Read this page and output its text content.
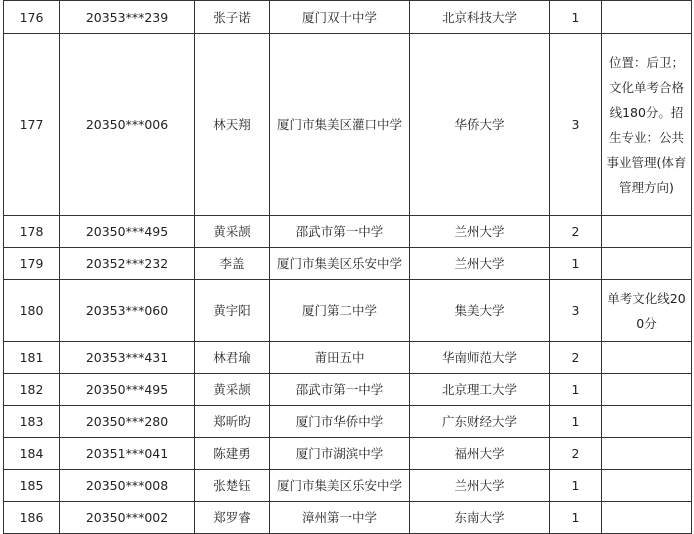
176	20353***239	张子诺	厦门双十中学	北京科技大学	1	
177	20350***006	林天翔	厦门市集美区灌口中学	华侨大学	3	位置：后卫；文化单考合格线180分。招生专业：公共事业管理(体育管理方向)
178	20350***495	黄采颉	邵武市第一中学	兰州大学	2	
179	20352***232	李盖	厦门市集美区乐安中学	兰州大学	1	
180	20353***060	黄宇阳	厦门第二中学	集美大学	3	单考文化线200分
181	20353***431	林君瑜	莆田五中	华南师范大学	2	
182	20350***495	黄采颉	邵武市第一中学	北京理工大学	1	
183	20350***280	郑昕昀	厦门市华侨中学	广东财经大学	1	
184	20351***041	陈建勇	厦门市湖滨中学	福州大学	2	
185	20350***008	张楚钰	厦门市集美区乐安中学	兰州大学	1	
186	20350***002	郑罗睿	漳州第一中学	东南大学	1	
